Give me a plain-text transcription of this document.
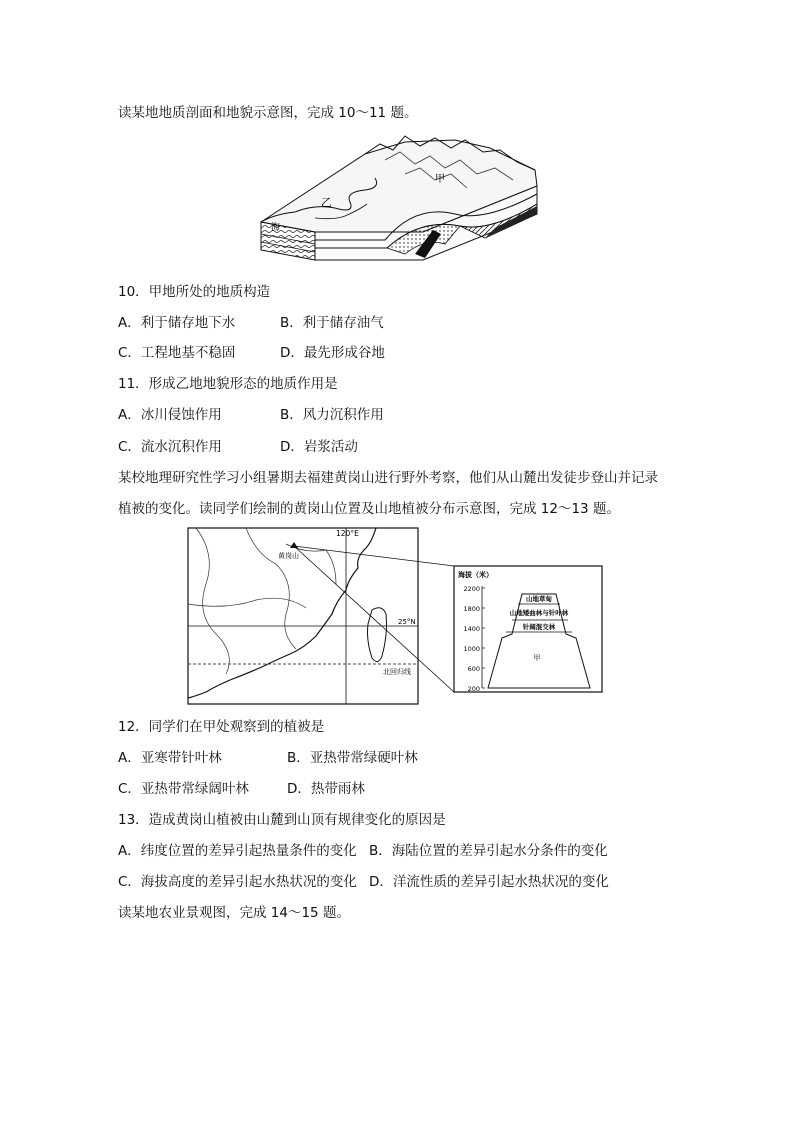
读某地地质剖面和地貌示意图，完成 10～11 题。
甲
乙
海
10．甲地所处的地质构造
A．利于储存地下水	B．利于储存油气
C．工程地基不稳固	D．最先形成谷地
11．形成乙地地貌形态的地质作用是
A．冰川侵蚀作用	B．风力沉积作用
C．流水沉积作用	D．岩浆活动
某校地理研究性学习小组暑期去福建黄岗山进行野外考察，他们从山麓出发徒步登山并记录
植被的变化。读同学们绘制的黄岗山位置及山地植被分布示意图，完成 12～13 题。
120°E
25°N
北回归线
黄岗山
海拔（米）
2200
1800
1400
1000
600
200
山地草甸
山地矮曲林与针叶林
针阔混交林
甲
12．同学们在甲处观察到的植被是
A．亚寒带针叶林	B．亚热带常绿硬叶林
C．亚热带常绿阔叶林	D．热带雨林
13．造成黄岗山植被由山麓到山顶有规律变化的原因是
A．纬度位置的差异引起热量条件的变化 B．海陆位置的差异引起水分条件的变化
C．海拔高度的差异引起水热状况的变化 D．洋流性质的差异引起水热状况的变化
读某地农业景观图，完成 14～15 题。
